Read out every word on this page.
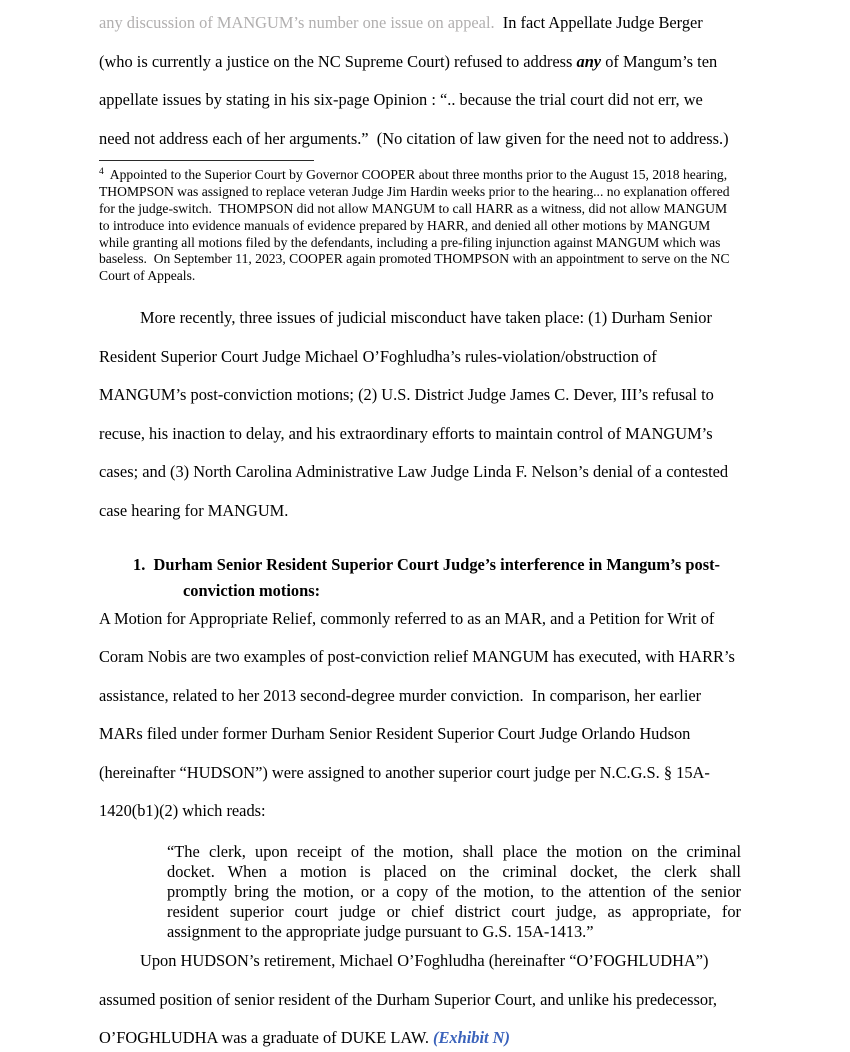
any discussion of MANGUM’s number one issue on appeal.  In fact Appellate Judge Berger
(who is currently a justice on the NC Supreme Court) refused to address any of Mangum’s ten
appellate issues by stating in his six-page Opinion : “.. because the trial court did not err, we
need not address each of her arguments.”  (No citation of law given for the need not to address.)
$^4$  Appointed to the Superior Court by Governor COOPER about three months prior to the August 15, 2018 hearing,
THOMPSON was assigned to replace veteran Judge Jim Hardin weeks prior to the hearing... no explanation offered
for the judge-switch.  THOMPSON did not allow MANGUM to call HARR as a witness, did not allow MANGUM
to introduce into evidence manuals of evidence prepared by HARR, and denied all other motions by MANGUM
while granting all motions filed by the defendants, including a pre-filing injunction against MANGUM which was
baseless.  On September 11, 2023, COOPER again promoted THOMPSON with an appointment to serve on the NC
Court of Appeals.
More recently, three issues of judicial misconduct have taken place: (1) Durham Senior
Resident Superior Court Judge Michael O’Foghludha’s rules-violation/obstruction of
MANGUM’s post-conviction motions; (2) U.S. District Judge James C. Dever, III’s refusal to
recuse, his inaction to delay, and his extraordinary efforts to maintain control of MANGUM’s
cases; and (3) North Carolina Administrative Law Judge Linda F. Nelson’s denial of a contested
case hearing for MANGUM.
1.  Durham Senior Resident Superior Court Judge’s interference in Mangum’s post-
conviction motions:
A Motion for Appropriate Relief, commonly referred to as an MAR, and a Petition for Writ of
Coram Nobis are two examples of post-conviction relief MANGUM has executed, with HARR’s
assistance, related to her 2013 second-degree murder conviction.  In comparison, her earlier
MARs filed under former Durham Senior Resident Superior Court Judge Orlando Hudson
(hereinafter “HUDSON”) were assigned to another superior court judge per N.C.G.S. § 15A-
1420(b1)(2) which reads:
“The clerk, upon receipt of the motion, shall place the motion on the criminal
docket. When a motion is placed on the criminal docket, the clerk shall
promptly bring the motion, or a copy of the motion, to the attention of the senior
resident superior court judge or chief district court judge, as appropriate, for
assignment to the appropriate judge pursuant to G.S. 15A-1413.”
Upon HUDSON’s retirement, Michael O’Foghludha (hereinafter “O’FOGHLUDHA”)
assumed position of senior resident of the Durham Superior Court, and unlike his predecessor,
O’FOGHLUDHA was a graduate of DUKE LAW. (Exhibit N)
